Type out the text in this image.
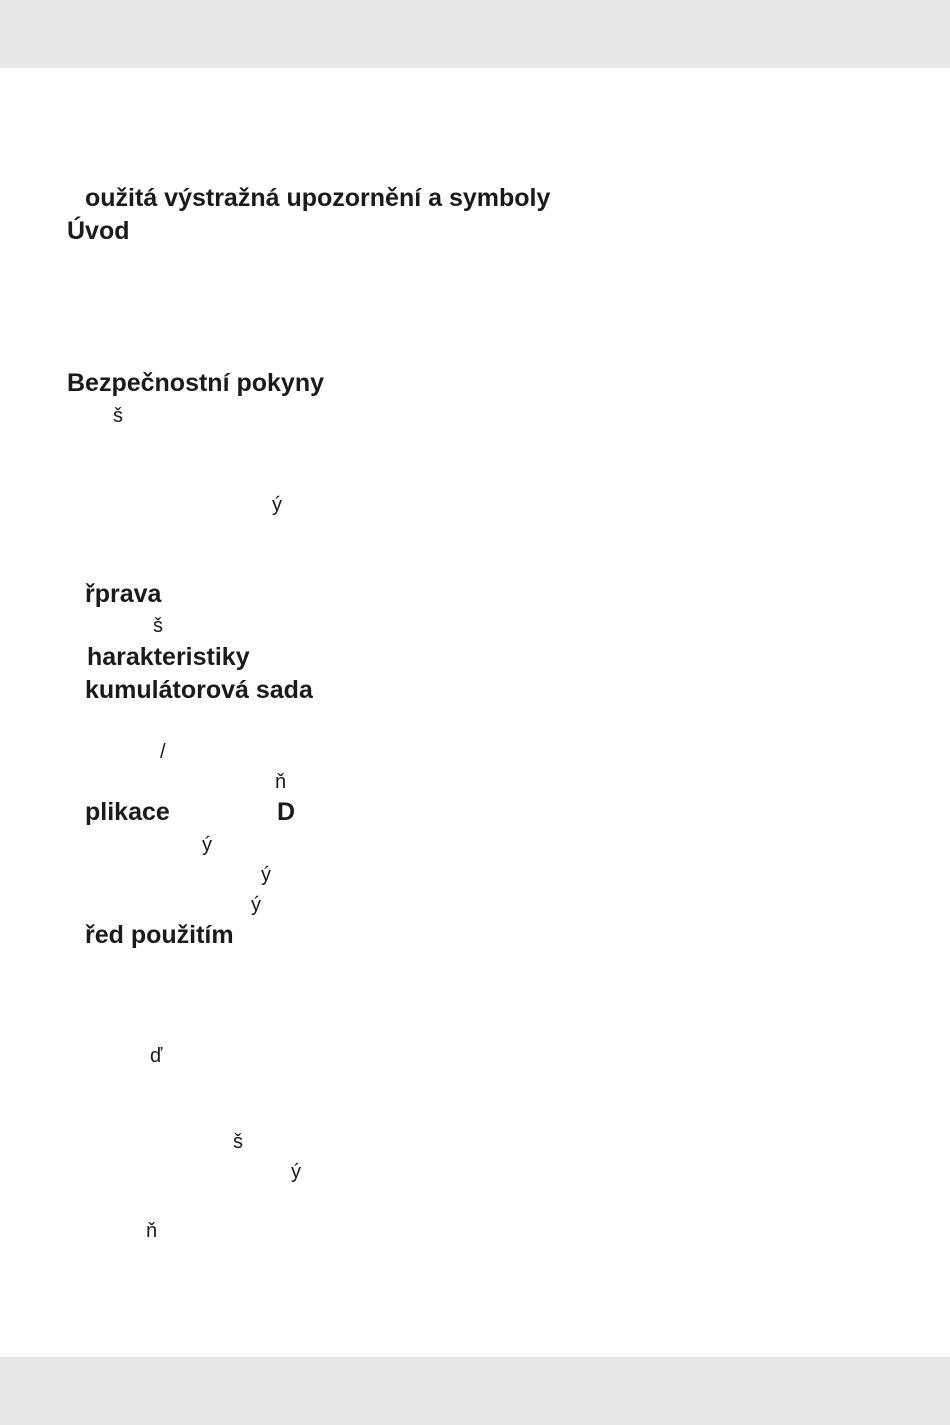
oužitá výstražná upozornění a symboly
Úvod
Bezpečnostní pokyny
š
ý
řprava
š
harakteristiky
kumulátorová sada
/
ň
plikace	D
ý
ý
ý
řed použitím
ď
š
ý
ň
